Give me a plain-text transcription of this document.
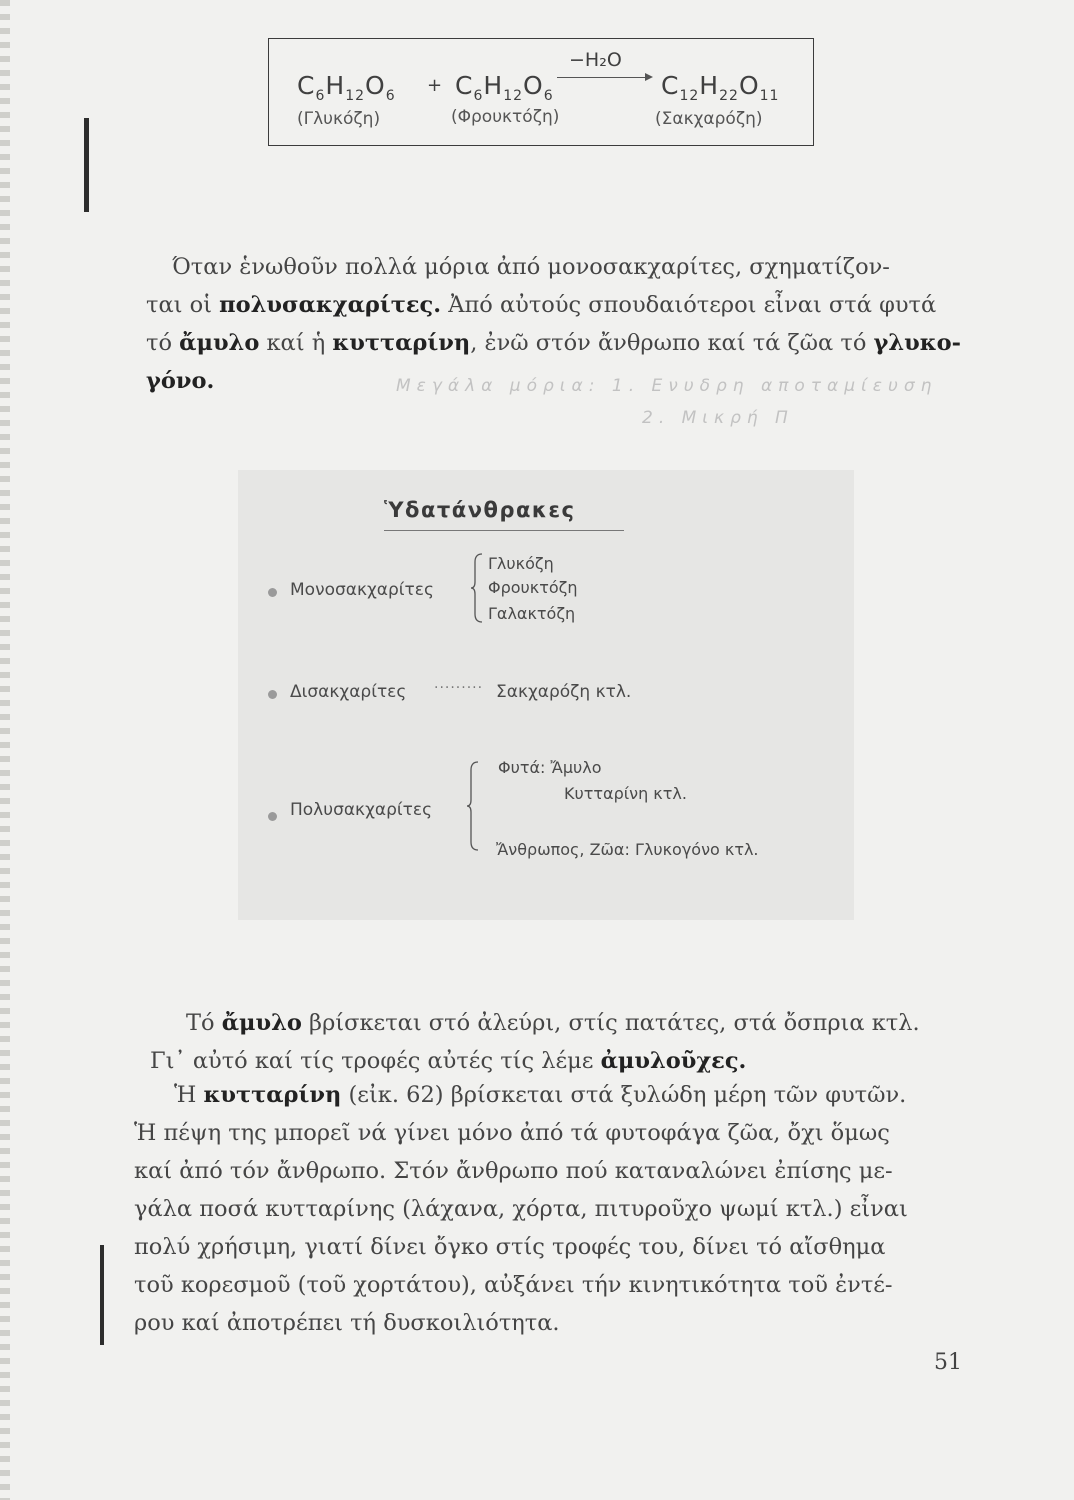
$C_6H_{12}O_6 + C_6H_{12}O_6$
−H₂O
$C_{12}H_{22}O_{11}$
(Γλυκόζη)	(Φρουκτόζη)	(Σακχαρόζη)
Όταν ἑνωθοῦν πολλά μόρια ἀπό μονοσακχαρίτες, σχηματίζον-
ται οἱ πολυσακχαρίτες. Ἀπό αὐτούς σπουδαιότεροι εἶναι στά φυτά
τό ἄμυλο καί ἡ κυτταρίνη, ἐνῶ στόν ἄνθρωπο καί τά ζῶα τό γλυκο-
γόνο.	Μεγάλα μόρια: 1. Ενυδρη αποταμίευση
2. Μικρή Π
Ὑδατάνθρακες
Μονοσακχαρίτες
Γλυκόζη
Φρουκτόζη
Γαλακτόζη
Δισακχαρίτες ········· Σακχαρόζη κτλ.
Πολυσακχαρίτες
Φυτά: Ἄμυλο
Κυτταρίνη κτλ.
Ἄνθρωπος, Ζῶα: Γλυκογόνο κτλ.
Τό ἄμυλο βρίσκεται στό ἀλεύρι, στίς πατάτες, στά ὄσπρια κτλ.
Γι᾽ αὐτό καί τίς τροφές αὐτές τίς λέμε ἀμυλοῦχες.
Ἡ κυτταρίνη (εἰκ. 62) βρίσκεται στά ξυλώδη μέρη τῶν φυτῶν.
Ἡ πέψη της μπορεῖ νά γίνει μόνο ἀπό τά φυτοφάγα ζῶα, ὄχι ὅμως
καί ἀπό τόν ἄνθρωπο. Στόν ἄνθρωπο πού καταναλώνει ἐπίσης με-
γάλα ποσά κυτταρίνης (λάχανα, χόρτα, πιτυροῦχο ψωμί κτλ.) εἶναι
πολύ χρήσιμη, γιατί δίνει ὄγκο στίς τροφές του, δίνει τό αἴσθημα
τοῦ κορεσμοῦ (τοῦ χορτάτου), αὐξάνει τήν κινητικότητα τοῦ ἐντέ-
ρου καί ἀποτρέπει τή δυσκοιλιότητα.
51
